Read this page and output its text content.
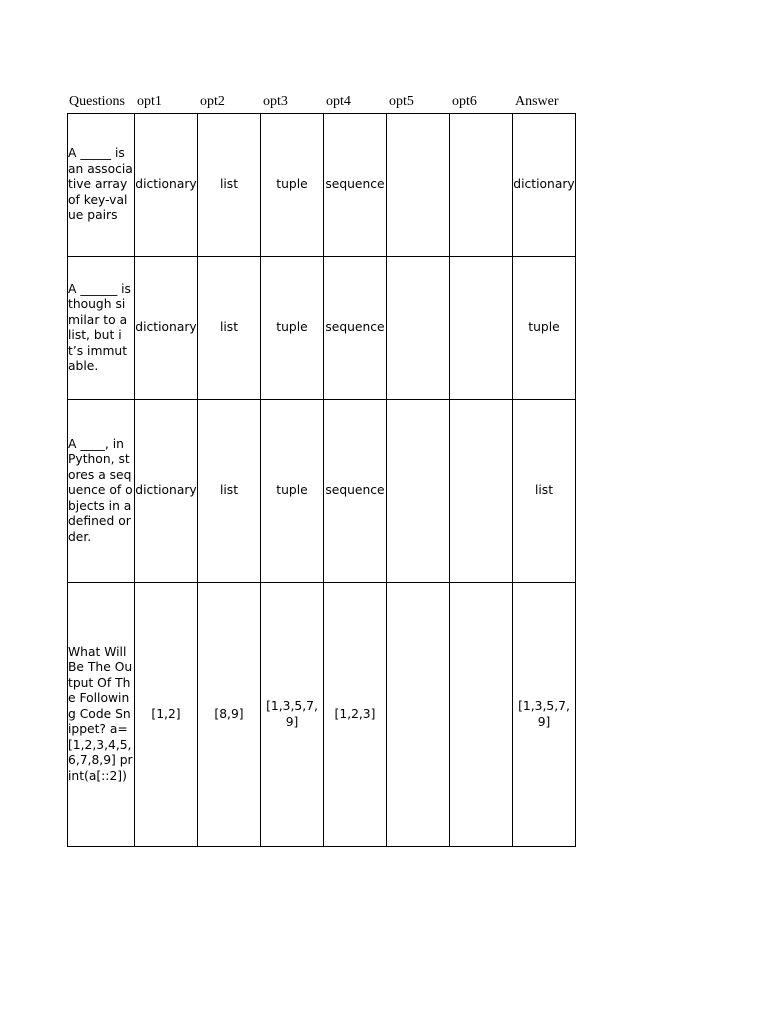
Questions opt1	opt2	opt3	opt4	opt5	opt6	Answer
A _____ is an associative array of key-value pairs	dictionary	list	tuple	sequence			dictionary

A ______ is though similar to a list, but it’s immutable.	dictionary	list	tuple	sequence			tuple

A ____, in Python, stores a sequence of objects in a defined order.	dictionary	list	tuple	sequence			list

What Will Be The Output Of The Following Code Snippet? a=[1,2,3,4,5,6,7,8,9] print(a[::2])	[1,2]	[8,9]	[1,3,5,7,9]	[1,2,3]			[1,3,5,7,9]
